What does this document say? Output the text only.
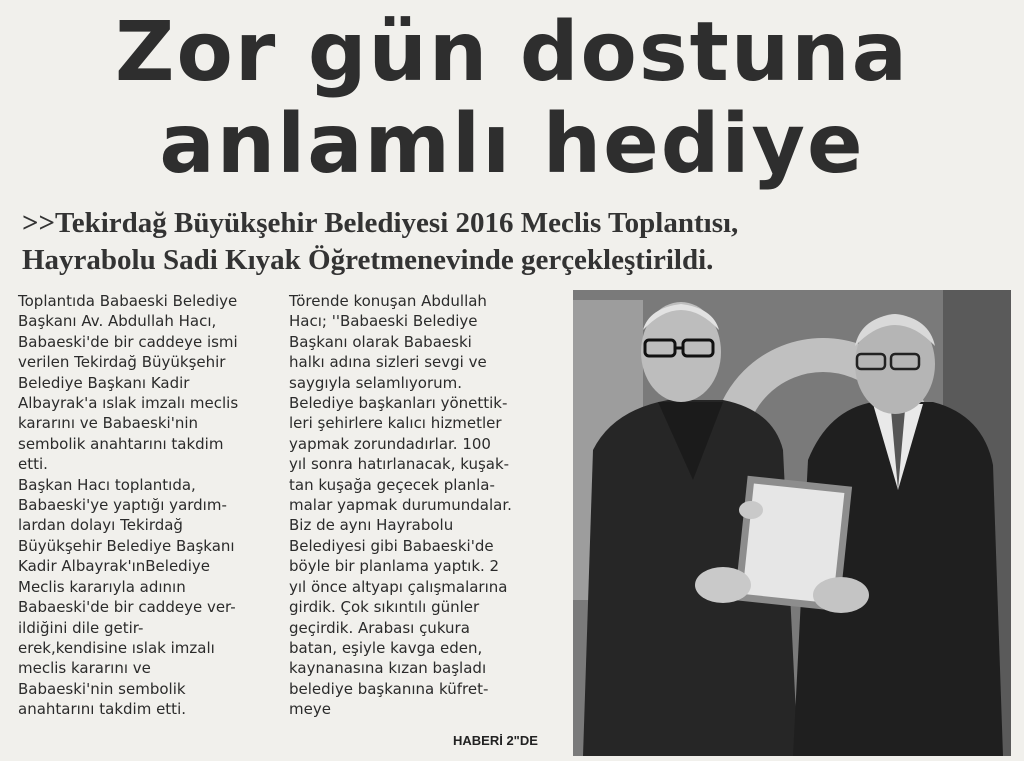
Zor gün dostuna
anlamlı hediye
>>Tekirdağ Büyükşehir Belediyesi 2016 Meclis Toplantısı,
Hayrabolu Sadi Kıyak Öğretmenevinde gerçekleştirildi.

Toplantıda Babaeski Belediye

Başkanı Av. Abdullah Hacı,

Babaeski'de bir caddeye ismi

verilen Tekirdağ Büyükşehir

Belediye Başkanı Kadir

Albayrak'a ıslak imzalı meclis

kararını ve Babaeski'nin

sembolik anahtarını takdim

etti.

Başkan Hacı toplantıda,

Babaeski'ye yaptığı yardım-

lardan dolayı Tekirdağ

Büyükşehir Belediye Başkanı

Kadir Albayrak'ınBelediye

Meclis kararıyla adının

Babaeski'de bir caddeye ver-

ildiğini dile getir-

erek,kendisine ıslak imzalı

meclis kararını ve

Babaeski'nin sembolik

anahtarını takdim etti.

Törende konuşan Abdullah

Hacı; ''Babaeski Belediye

Başkanı olarak Babaeski

halkı adına sizleri sevgi ve

saygıyla selamlıyorum.

Belediye başkanları yönettik-

leri şehirlere kalıcı hizmetler

yapmak zorundadırlar. 100

yıl sonra hatırlanacak, kuşak-

tan kuşağa geçecek planla-

malar yapmak durumundalar.

Biz de aynı Hayrabolu

Belediyesi gibi Babaeski'de

böyle bir planlama yaptık. 2

yıl önce altyapı çalışmalarına

girdik. Çok sıkıntılı günler

geçirdik. Arabası çukura

batan, eşiyle kavga eden,

kaynanasına kızan başladı

belediye başkanına küfret-

meye

HABERİ 2"DE
